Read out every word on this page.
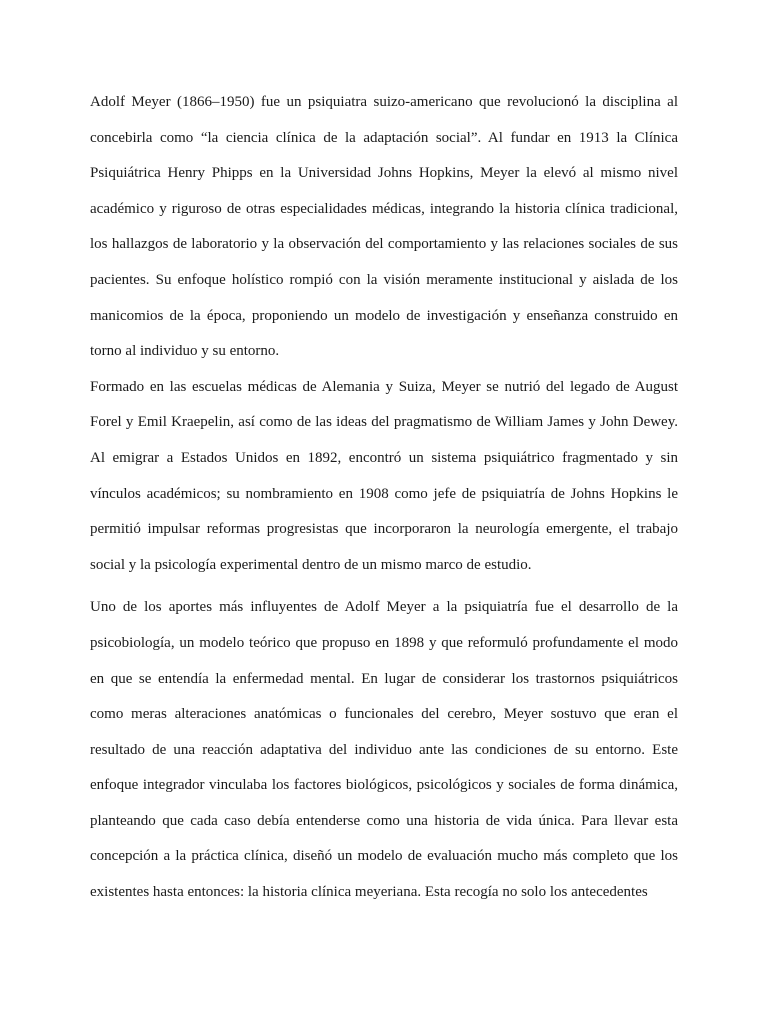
Adolf Meyer (1866–1950) fue un psiquiatra suizo-americano que revolucionó la disciplina al concebirla como “la ciencia clínica de la adaptación social”. Al fundar en 1913 la Clínica Psiquiátrica Henry Phipps en la Universidad Johns Hopkins, Meyer la elevó al mismo nivel académico y riguroso de otras especialidades médicas, integrando la historia clínica tradicional, los hallazgos de laboratorio y la observación del comportamiento y las relaciones sociales de sus pacientes. Su enfoque holístico rompió con la visión meramente institucional y aislada de los manicomios de la época, proponiendo un modelo de investigación y enseñanza construido en torno al individuo y su entorno.

Formado en las escuelas médicas de Alemania y Suiza, Meyer se nutrió del legado de August Forel y Emil Kraepelin, así como de las ideas del pragmatismo de William James y John Dewey. Al emigrar a Estados Unidos en 1892, encontró un sistema psiquiátrico fragmentado y sin vínculos académicos; su nombramiento en 1908 como jefe de psiquiatría de Johns Hopkins le permitió impulsar reformas progresistas que incorporaron la neurología emergente, el trabajo social y la psicología experimental dentro de un mismo marco de estudio.

Uno de los aportes más influyentes de Adolf Meyer a la psiquiatría fue el desarrollo de la psicobiología, un modelo teórico que propuso en 1898 y que reformuló profundamente el modo en que se entendía la enfermedad mental. En lugar de considerar los trastornos psiquiátricos como meras alteraciones anatómicas o funcionales del cerebro, Meyer sostuvo que eran el resultado de una reacción adaptativa del individuo ante las condiciones de su entorno. Este enfoque integrador vinculaba los factores biológicos, psicológicos y sociales de forma dinámica, planteando que cada caso debía entenderse como una historia de vida única. Para llevar esta concepción a la práctica clínica, diseñó un modelo de evaluación mucho más completo que los existentes hasta entonces: la historia clínica meyeriana. Esta recogía no solo los antecedentes
